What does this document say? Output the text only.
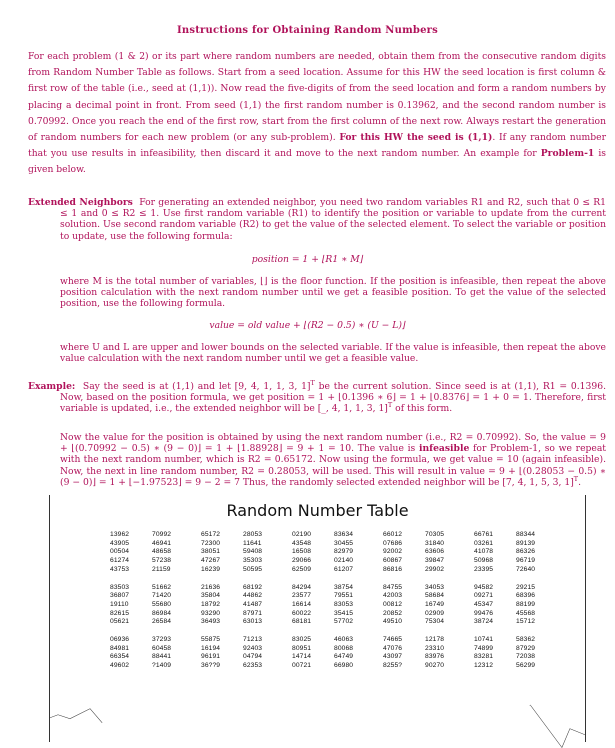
Instructions for Obtaining Random Numbers
For each problem (1 & 2) or its part where random numbers are needed, obtain them from the consecutive random digits from Random Number Table as follows. Start from a seed location. Assume for this HW the seed location is first column & first row of the table (i.e., seed at (1,1)). Now read the five-digits of from the seed location and form a random numbers by placing a decimal point in front. From seed (1,1) the first random number is 0.13962, and the second random number is 0.70992. Once you reach the end of the first row, start from the first column of the next row. Always restart the generation of random numbers for each new problem (or any sub-problem). For this HW the seed is (1,1). If any random number that you use results in infeasibility, then discard it and move to the next random number. An example for Problem-1 is given below.
Extended Neighbors For generating an extended neighbor, you need two random variables R1 and R2, such that 0 ≤ R1 ≤ 1 and 0 ≤ R2 ≤ 1. Use first random variable (R1) to identify the position or variable to update from the current solution. Use second random variable (R2) to get the value of the selected element. To select the variable or position to update, use the following formula:
position = 1 + ⌊R1 ∗ M⌋
where M is the total number of variables, ⌊⌋ is the floor function. If the position is infeasible, then repeat the above position calculation with the next random number until we get a feasible position. To get the value of the selected position, use the following formula.
value = old value + ⌊(R2 − 0.5) ∗ (U − L)⌋
where U and L are upper and lower bounds on the selected variable. If the value is infeasible, then repeat the above value calculation with the next random number until we get a feasible value.
Example: Say the seed is at (1,1) and let [9, 4, 1, 1, 3, 1]$^T$ be the current solution. Since seed is at (1,1), R1 = 0.1396. Now, based on the position formula, we get position = 1 + ⌊0.1396 ∗ 6⌋ = 1 + ⌊0.8376⌋ = 1 + 0 = 1. Therefore, first variable is updated, i.e., the extended neighbor will be [_, 4, 1, 1, 3, 1]$^T$ of this form.
Now the value for the position is obtained by using the next random number (i.e., R2 = 0.70992). So, the value = 9 + ⌊(0.70992 − 0.5) ∗ (9 − 0)⌋ = 1 + ⌊1.88928⌋ = 9 + 1 = 10. The value is infeasible for Problem-1, so we repeat with the next random number, which is R2 = 0.65172. Now using the formula, we get value = 10 (again infeasible). Now, the next in line random number, R2 = 0.28053, will be used. This will result in value = 9 + ⌊(0.28053 − 0.5) ∗ (9 − 0)⌋ = 1 + ⌊−1.97523⌋ = 9 − 2 = 7 Thus, the randomly selected extended neighbor will be [7, 4, 1, 5, 3, 1]$^T$.
Random Number Table
13962	70992	65172	28053	02190	83634	66012	70305	66761	88344
43905	46941	72300	11641	43548	30455	07686	31840	03261	89139
00504	48658	38051	59408	16508	82979	92002	63606	41078	86326
61274	57238	47267	35303	29066	02140	60867	39847	50968	96719
43753	21159	16239	50595	62509	61207	86816	29902	23395	72640
83503	51662	21636	68192	84294	38754	84755	34053	94582	29215
36807	71420	35804	44862	23577	79551	42003	58684	09271	68396
19110	55680	18792	41487	16614	83053	00812	16749	45347	88199
82615	86984	93290	87971	60022	35415	20852	02909	99476	45568
05621	26584	36493	63013	68181	57702	49510	75304	38724	15712
06936	37293	55875	71213	83025	46063	74665	12178	10741	58362
84981	60458	16194	92403	80951	80068	47076	23310	74899	87929
66354	88441	96191	04794	14714	64749	43097	83976	83281	72038
49602	?1409	36??9	62353	00721	66980	8255?	90270	12312	56299
